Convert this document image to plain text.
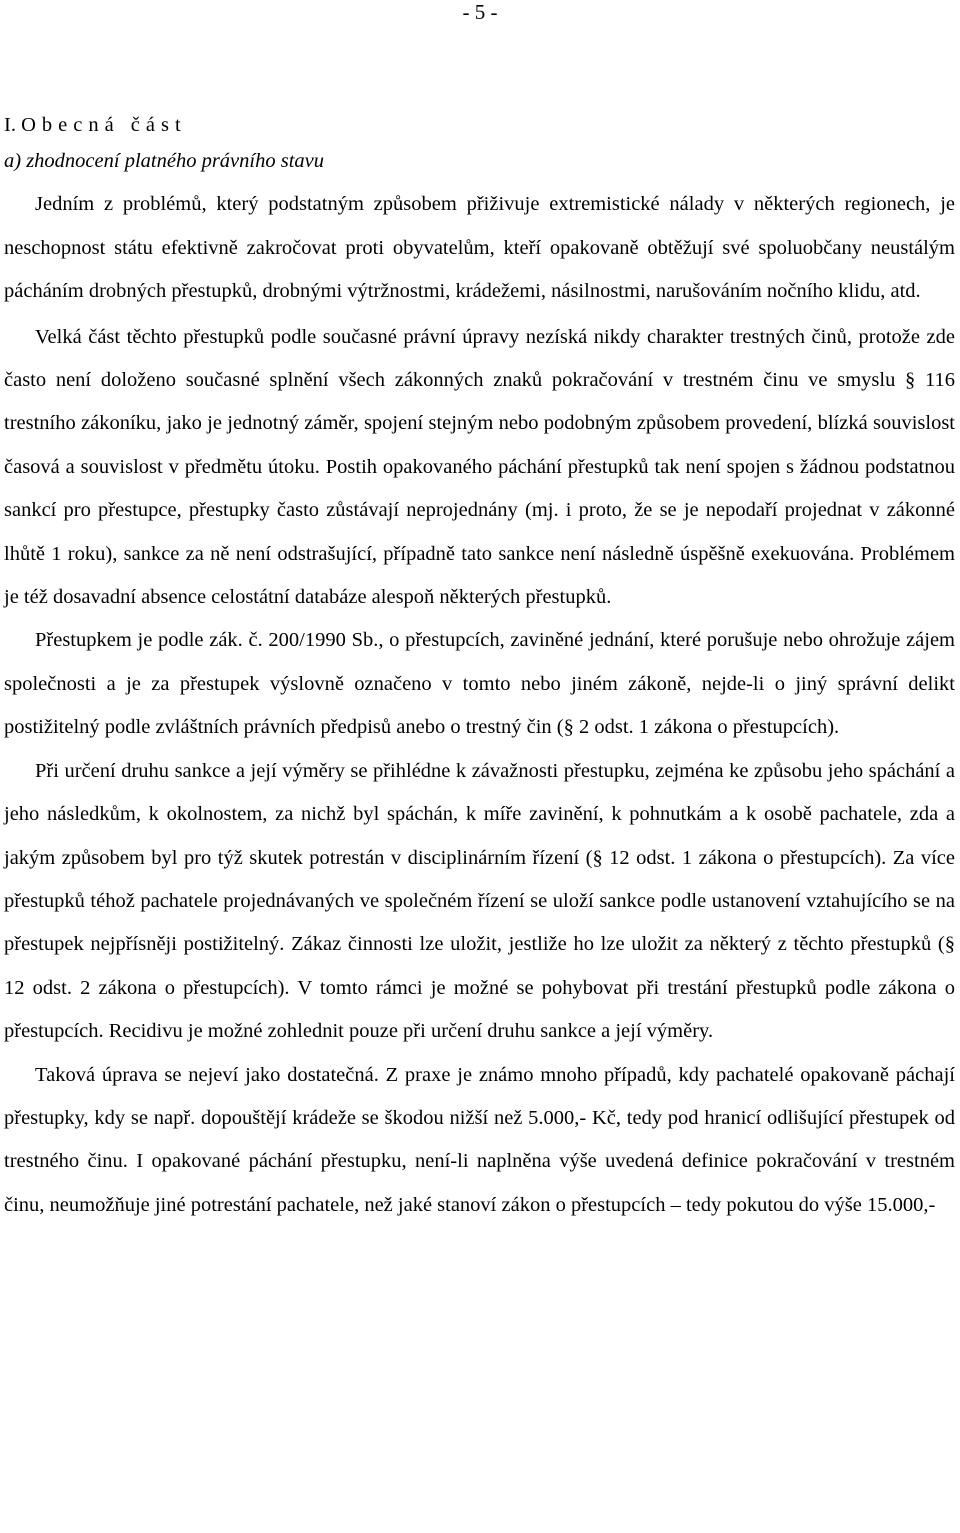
- 5 -
I. Obecná část
a) zhodnocení platného právního stavu

Jedním z problémů, který podstatným způsobem přiživuje extremistické nálady v některých regionech, je neschopnost státu efektivně zakročovat proti obyvatelům, kteří opakovaně obtěžují své spoluobčany neustálým pácháním drobných přestupků, drobnými výtržnostmi, krádežemi, násilnostmi, narušováním nočního klidu, atd.

Velká část těchto přestupků podle současné právní úpravy nezíská nikdy charakter trestných činů, protože zde často není doloženo současné splnění všech zákonných znaků pokračování v trestném činu ve smyslu § 116 trestního zákoníku, jako je jednotný záměr, spojení stejným nebo podobným způsobem provedení, blízká souvislost časová a souvislost v předmětu útoku. Postih opakovaného páchání přestupků tak není spojen s žádnou podstatnou sankcí pro přestupce, přestupky často zůstávají neprojednány (mj. i proto, že se je nepodaří projednat v zákonné lhůtě 1 roku), sankce za ně není odstrašující, případně tato sankce není následně úspěšně exekuována. Problémem je též dosavadní absence celostátní databáze alespoň některých přestupků.

Přestupkem je podle zák. č. 200/1990 Sb., o přestupcích, zaviněné jednání, které porušuje nebo ohrožuje zájem společnosti a je za přestupek výslovně označeno v tomto nebo jiném zákoně, nejde-li o jiný správní delikt postižitelný podle zvláštních právních předpisů anebo o trestný čin (§ 2 odst. 1 zákona o přestupcích).

Při určení druhu sankce a její výměry se přihlédne k závažnosti přestupku, zejména ke způsobu jeho spáchání a jeho následkům, k okolnostem, za nichž byl spáchán, k míře zavinění, k pohnutkám a k osobě pachatele, zda a jakým způsobem byl pro týž skutek potrestán v disciplinárním řízení (§ 12 odst. 1 zákona o přestupcích). Za více přestupků téhož pachatele projednávaných ve společném řízení se uloží sankce podle ustanovení vztahujícího se na přestupek nejpřísněji postižitelný. Zákaz činnosti lze uložit, jestliže ho lze uložit za některý z těchto přestupků (§ 12 odst. 2 zákona o přestupcích). V tomto rámci je možné se pohybovat při trestání přestupků podle zákona o přestupcích. Recidivu je možné zohlednit pouze při určení druhu sankce a její výměry.

Taková úprava se nejeví jako dostatečná. Z praxe je známo mnoho případů, kdy pachatelé opakovaně páchají přestupky, kdy se např. dopouštějí krádeže se škodou nižší než 5.000,- Kč, tedy pod hranicí odlišující přestupek od trestného činu. I opakované páchání přestupku, není-li naplněna výše uvedená definice pokračování v trestném činu, neumožňuje jiné potrestání pachatele, než jaké stanoví zákon o přestupcích – tedy pokutou do výše 15.000,-
